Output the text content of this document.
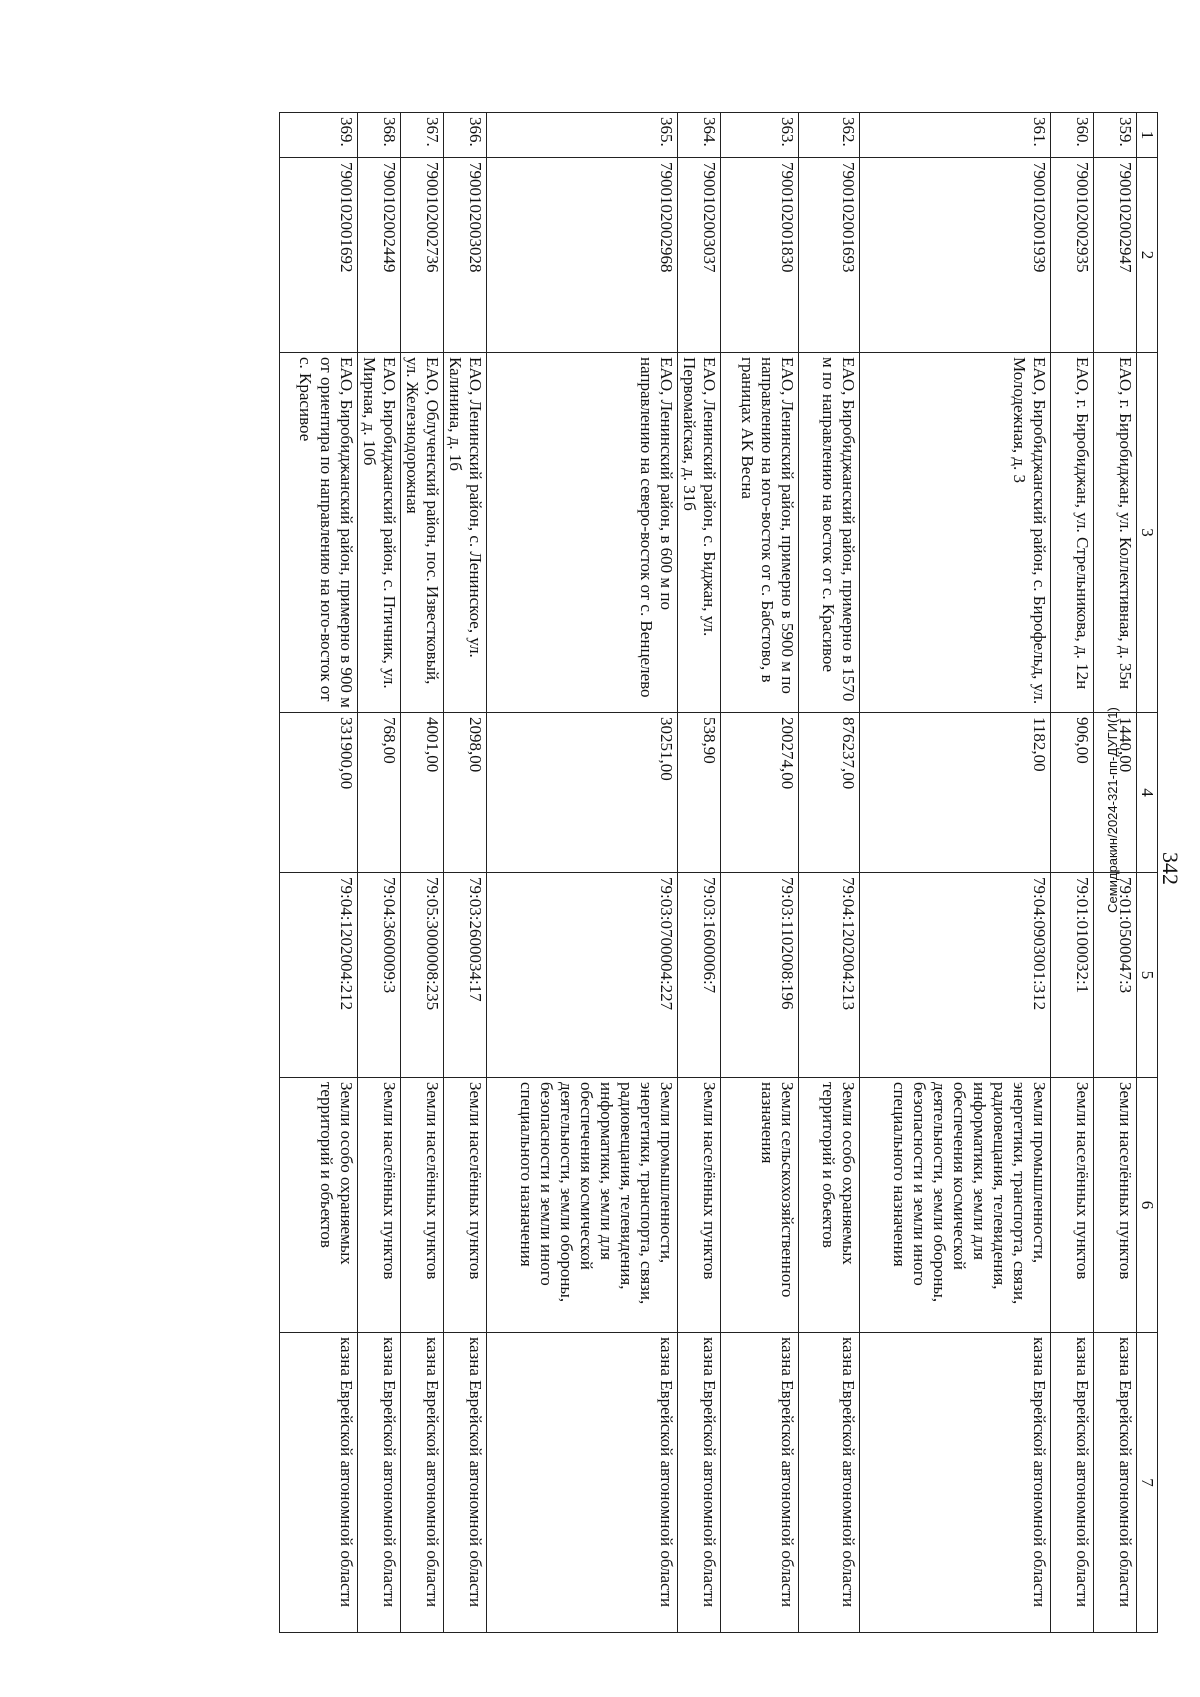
342
1	2	3	4	5	6	7
359.	7900102002947	ЕАО, г. Биробиджан, ул. Коллективная, д. 35н	1440,00	79:01:0500047:3	Земли населённых пунктов	казна Еврейской автономной области
360.	7900102002935	ЕАО, г. Биробиджан, ул. Стрельникова, д. 12н	906,00	79:01:0100032:1	Земли населённых пунктов	казна Еврейской автономной области
361.	7900102001939	ЕАО, Биробиджанский район, с. Бирофельд, ул. Молодежная, д. 3	1182,00	79:04:0903001:312	Земли промышленности, энергетики, транспорта, связи, радиовещания, телевидения, информатики, земли для обеспечения космической деятельности, земли обороны, безопасности и земли иного специального назначения	казна Еврейской автономной области
362.	7900102001693	ЕАО, Биробиджанский район, примерно в 1570 м по направлению на восток от с. Красивое	876237,00	79:04:1202004:213	Земли особо охраняемых территорий и объектов	казна Еврейской автономной области
363.	7900102001830	ЕАО, Ленинский район, примерно в 5900 м по направлению на юго-восток от с. Бабстово, в границах АК Весна	200274,00	79:03:1102008:196	Земли сельскохозяйственного назначения	казна Еврейской автономной области
364.	7900102003037	ЕАО, Ленинский район, с. Биджан, ул. Первомайская, д. 31б	538,90	79:03:1600006:7	Земли населённых пунктов	казна Еврейской автономной области
365.	7900102002968	ЕАО, Ленинский район, в 600 м по направлению на северо-восток от с. Венцелево	30251,00	79:03:0700004:227	Земли промышленности, энергетики, транспорта, связи, радиовещания, телевидения, информатики, земли для обеспечения космической деятельности, земли обороны, безопасности и земли иного специального назначения	казна Еврейской автономной области
366.	7900102003028	ЕАО, Ленинский район, с. Ленинское, ул. Калинина, д. 1б	2098,00	79:03:2600034:17	Земли населённых пунктов	казна Еврейской автономной области
367.	7900102002736	ЕАО, Облученский район, пос. Известковый, ул. Железнодорожная	4001,00	79:05:3000008:235	Земли населённых пунктов	казна Еврейской автономной области
368.	7900102002449	ЕАО, Биробиджанский район, с. Птичник, ул. Мирная, д. 10б	768,00	79:04:3600009:3	Земли населённых пунктов	казна Еврейской автономной области
369.	7900102001692	ЕАО, Биробиджанский район, примерно в 900 м от ориентира по направлению на юго-восток от с. Красивое	331900,00	79:04:1202004:212	Земли особо охраняемых территорий и объектов	казна Еврейской автономной области
Семидракин/2024-321-пп-ДУГИ(1)
